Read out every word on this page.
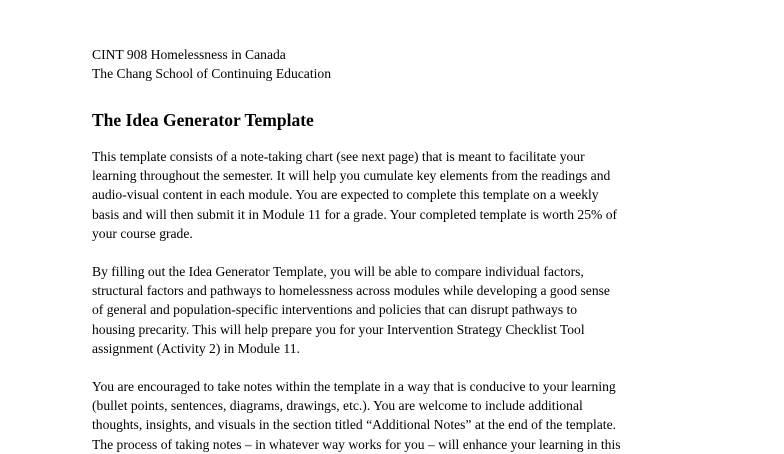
CINT 908 Homelessness in Canada

The Chang School of Continuing Education

The Idea Generator Template
This template consists of a note-taking chart (see next page) that is meant to facilitate your
learning throughout the semester. It will help you cumulate key elements from the readings and
audio-visual content in each module. You are expected to complete this template on a weekly
basis and will then submit it in Module 11 for a grade. Your completed template is worth 25% of
your course grade.
By filling out the Idea Generator Template, you will be able to compare individual factors,
structural factors and pathways to homelessness across modules while developing a good sense
of general and population-specific interventions and policies that can disrupt pathways to
housing precarity. This will help prepare you for your Intervention Strategy Checklist Tool
assignment (Activity 2) in Module 11.
You are encouraged to take notes within the template in a way that is conducive to your learning
(bullet points, sentences, diagrams, drawings, etc.). You are welcome to include additional
thoughts, insights, and visuals in the section titled “Additional Notes” at the end of the template.
The process of taking notes – in whatever way works for you – will enhance your learning in this
